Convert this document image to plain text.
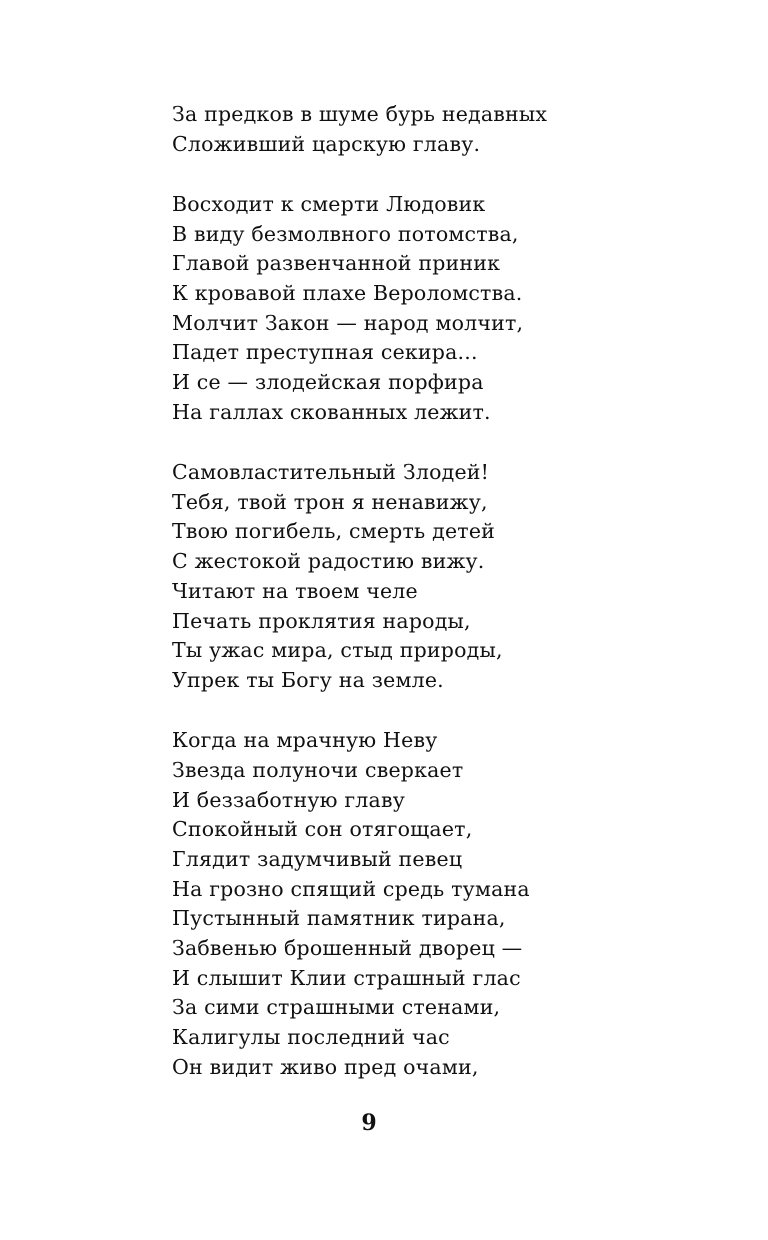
За предков в шуме бурь недавных
Сложивший царскую главу.
Восходит к смерти Людовик
В виду безмолвного потомства,
Главой развенчанной приник
К кровавой плахе Вероломства.
Молчит Закон — народ молчит,
Падет преступная секира...
И се — злодейская порфира
На галлах скованных лежит.
Самовластительный Злодей!
Тебя, твой трон я ненавижу,
Твою погибель, смерть детей
С жестокой радостию вижу.
Читают на твоем челе
Печать проклятия народы,
Ты ужас мира, стыд природы,
Упрек ты Богу на земле.
Когда на мрачную Неву
Звезда полуночи сверкает
И беззаботную главу
Спокойный сон отягощает,
Глядит задумчивый певец
На грозно спящий средь тумана
Пустынный памятник тирана,
Забвенью брошенный дворец —
И слышит Клии страшный глас
За сими страшными стенами,
Калигулы последний час
Он видит живо пред очами,
9
